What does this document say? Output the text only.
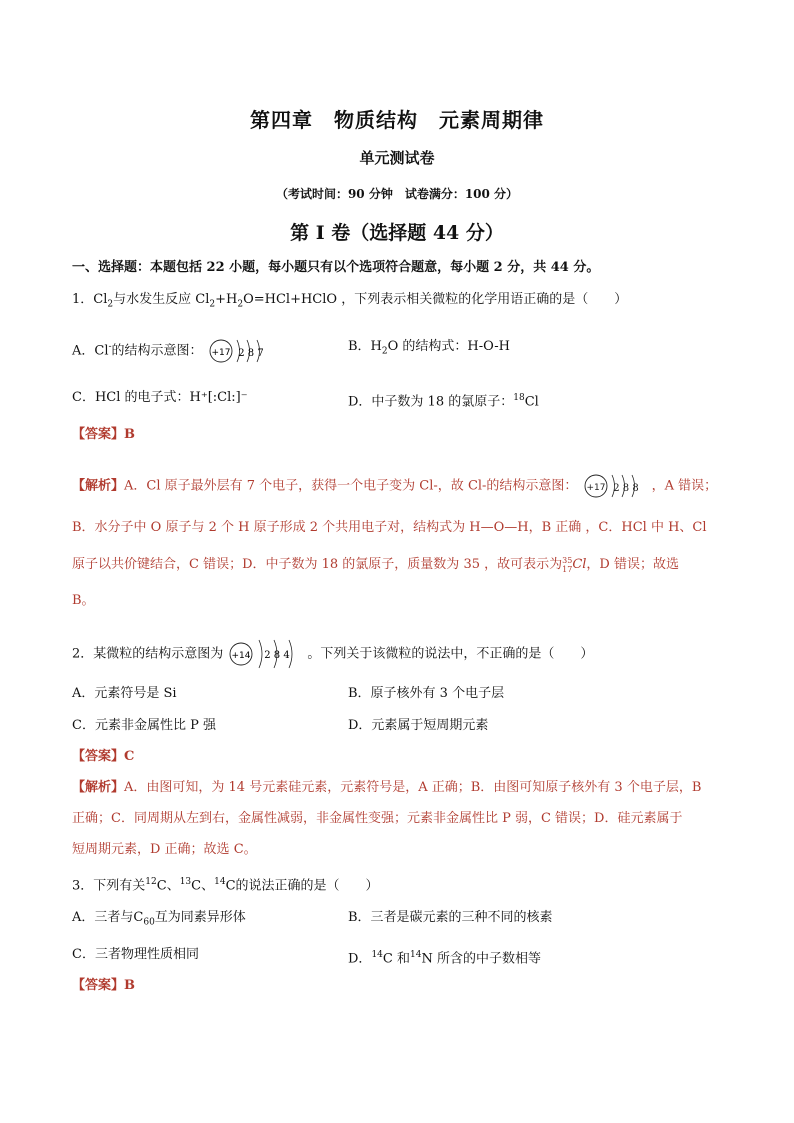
第四章　物质结构　元素周期律
单元测试卷
（考试时间：90 分钟　试卷满分：100 分）
第 I 卷（选择题 44 分）
一、选择题：本题包括 22 小题，每小题只有以个选项符合题意，每小题 2 分，共 44 分。
1．$Cl_2$与水发生反应 $Cl_2+H_2O=HCl+HClO$ ，下列表示相关微粒的化学用语正确的是（　　）
A．Cl-的结构示意图： +17 2 8 7	B．$H_2O$ 的结构式：H-O-H
C．HCl 的电子式：H⁺[:Cl:]⁻	D．中子数为 18 的氯原子：$^{18}$Cl
【答案】B
【解析】A．Cl 原子最外层有 7 个电子，获得一个电子变为 Cl-，故 Cl-的结构示意图： +17 2 8 8 ，A 错误；
B．水分子中 O 原子与 2 个 H 原子形成 2 个共用电子对，结构式为 H—O—H，B 正确 ，C．HCl 中 H、Cl
原子以共价键结合，C 错误；D．中子数为 18 的氯原子，质量数为 35 ，故可表示为35
17Cl，D 错误；故选
B。
2．某微粒的结构示意图为 +14 2 8 4 。下列关于该微粒的说法中，不正确的是（　　）
A．元素符号是 Si	B．原子核外有 3 个电子层
C．元素非金属性比 P 强	D．元素属于短周期元素
【答案】C
【解析】A．由图可知，为 14 号元素硅元素，元素符号是，A 正确；B．由图可知原子核外有 3 个电子层，B
正确；C．同周期从左到右，金属性减弱，非金属性变强；元素非金属性比 P 弱，C 错误；D．硅元素属于
短周期元素，D 正确；故选 C。
3．下列有关$^{12}$C、$^{13}$C、$^{14}$C的说法正确的是（　　）
A．三者与$C_{60}$互为同素异形体	B．三者是碳元素的三种不同的核素
C．三者物理性质相同	D．$^{14}$C 和$^{14}$N 所含的中子数相等
【答案】B
